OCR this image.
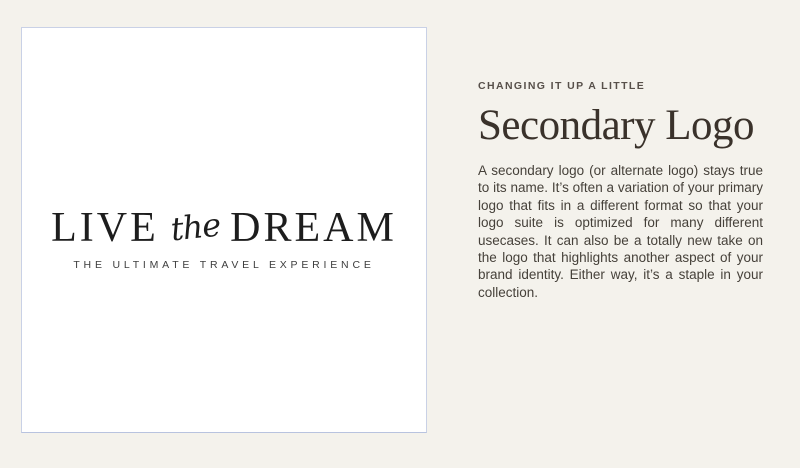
LIVE the DREAM
THE ULTIMATE TRAVEL EXPERIENCE
CHANGING IT UP A LITTLE
Secondary Logo

A secondary logo (or alternate logo) stays true to its name. It’s often a variation of your primary logo that fits in a different format so that your logo suite is optimized for many different usecases. It can also be a totally new take on the logo that highlights another aspect of your brand identity. Either way, it’s a staple in your collection.
